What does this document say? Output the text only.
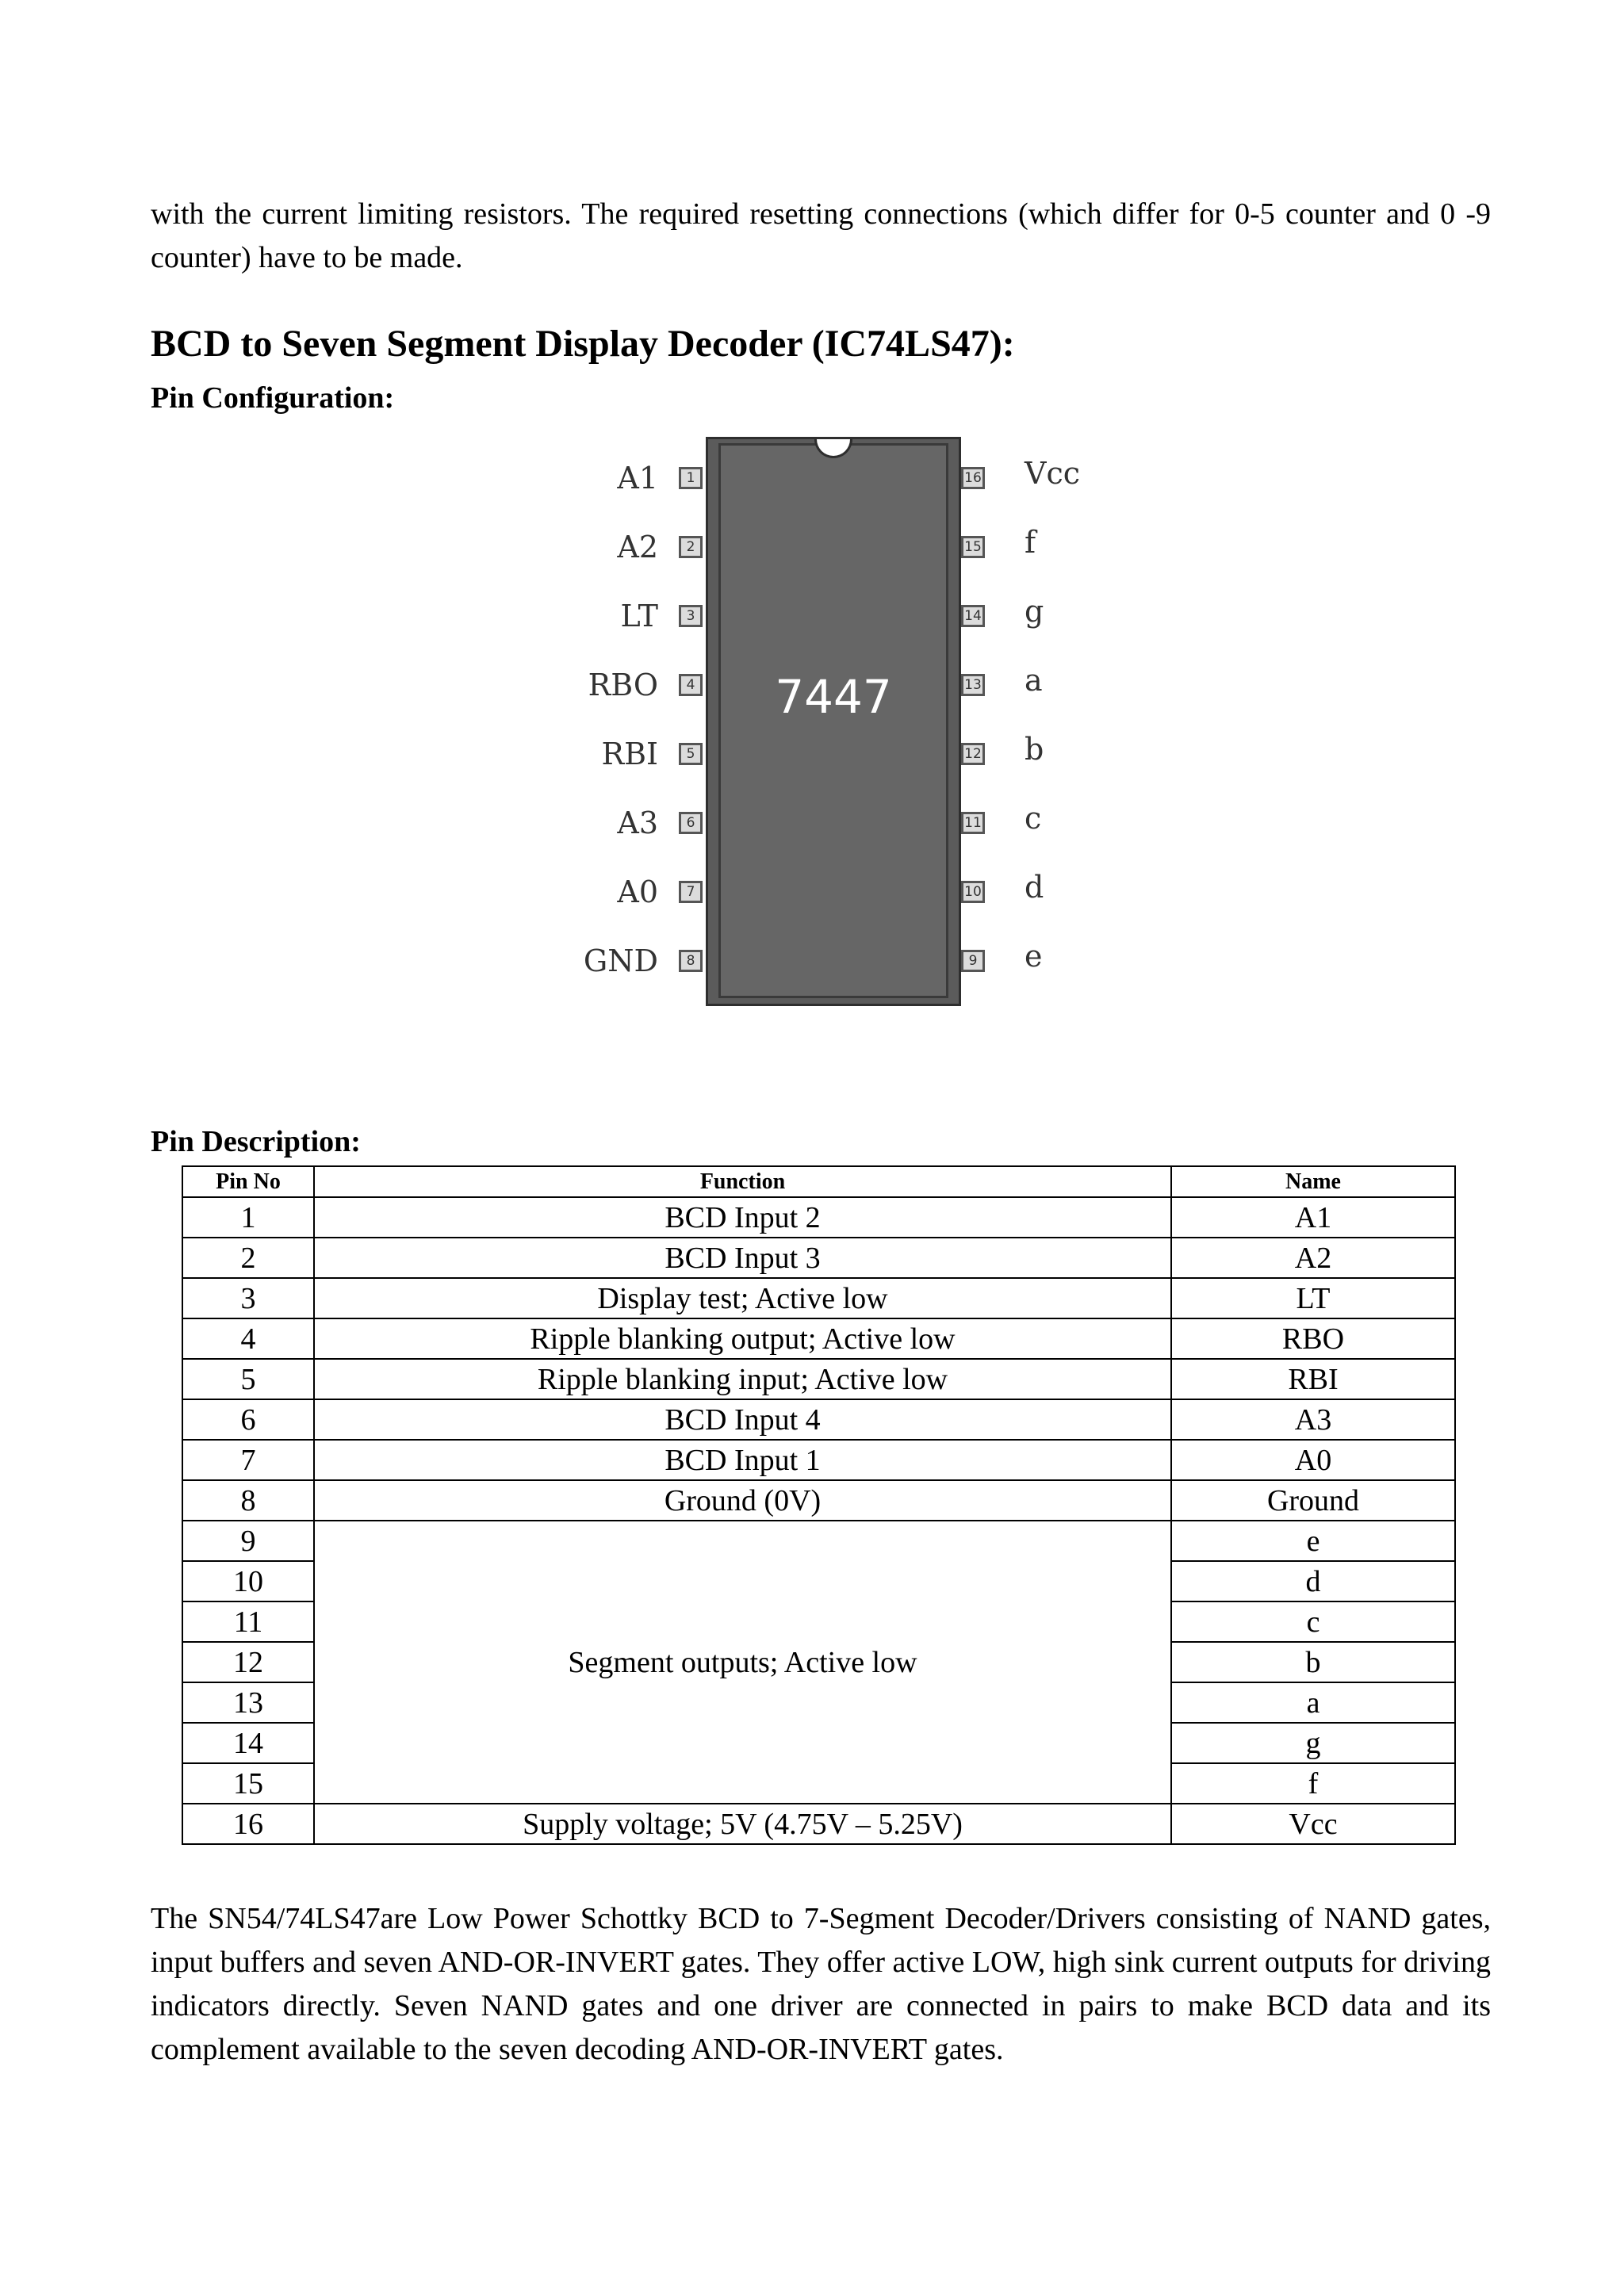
with the current limiting resistors. The required resetting connections (which differ for 0-5 counter and 0 -9 counter) have to be made.

BCD to Seven Segment Display Decoder (IC74LS47):

Pin Configuration:

7447
1
2
3
4
5
6
7
8
A1
A2
LT
RBO
RBI
A3
A0
GND
16
15
14
13
12
11
10
9
Vcc
f
g
a
b
c
d
e

Pin Description:

Pin No	Function	Name
1	BCD Input 2	A1
2	BCD Input 3	A2
3	Display test; Active low	LT
4	Ripple blanking output; Active low	RBO
5	Ripple blanking input; Active low	RBI
6	BCD Input 4	A3
7	BCD Input 1	A0
8	Ground (0V)	Ground
9	Segment outputs; Active low	e
10		d
11		c
12		b
13		a
14		g
15		f
16	Supply voltage; 5V (4.75V – 5.25V)	Vcc

The SN54/74LS47are Low Power Schottky BCD to 7-Segment Decoder/Drivers consisting of NAND gates, input buffers and seven AND-OR-INVERT gates. They offer active LOW, high sink current outputs for driving indicators directly. Seven NAND gates and one driver are connected in pairs to make BCD data and its complement available to the seven decoding AND-OR-INVERT gates.
